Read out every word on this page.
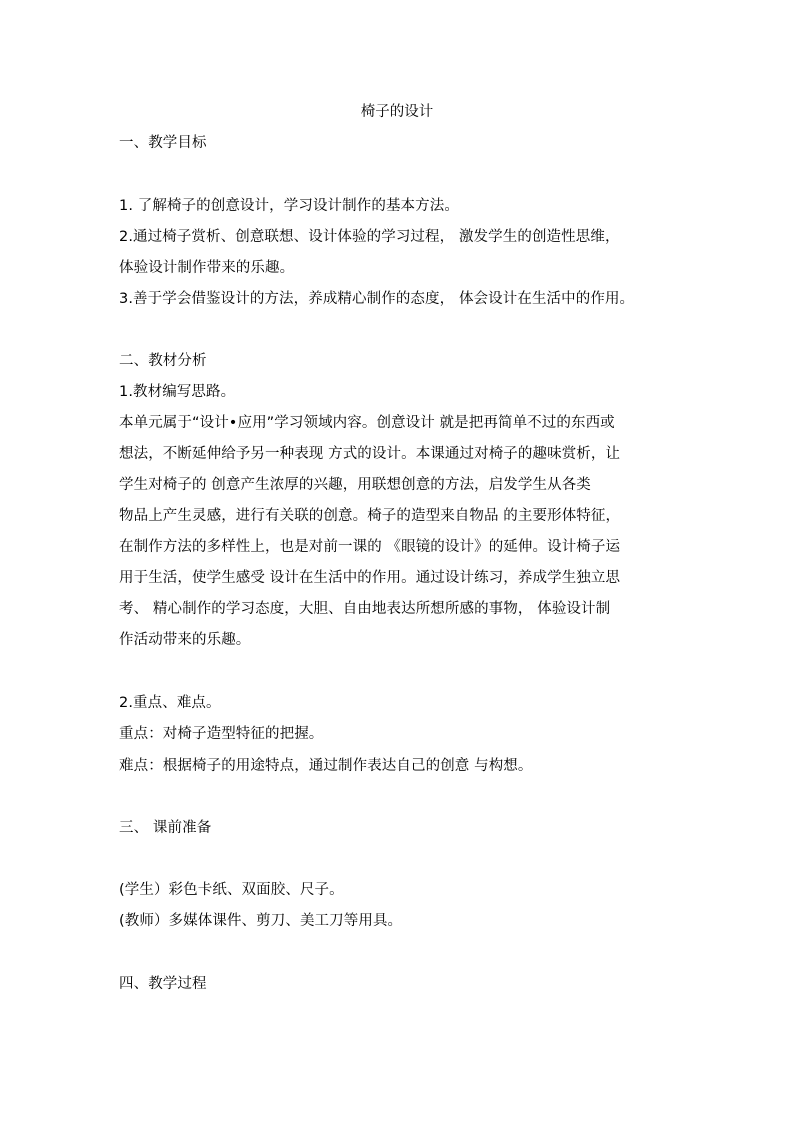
椅子的设计
一、教学目标
1. 了解椅子的创意设计，学习设计制作的基本方法。
2.通过椅子赏析、创意联想、设计体验的学习过程， 激发学生的创造性思维，
体验设计制作带来的乐趣。
3.善于学会借鉴设计的方法，养成精心制作的态度， 体会设计在生活中的作用。
二、教材分析
1.教材编写思路。
本单元属于“设计•应用”学习领域内容。创意设计 就是把再简单不过的东西或
想法，不断延伸给予另一种表现 方式的设计。本课通过对椅子的趣味赏析，让
学生对椅子的 创意产生浓厚的兴趣，用联想创意的方法，启发学生从各类
物品上产生灵感，进行有关联的创意。椅子的造型来自物品 的主要形体特征，
在制作方法的多样性上，也是对前一课的 《眼镜的设计》的延伸。设计椅子运
用于生活，使学生感受 设计在生活中的作用。通过设计练习，养成学生独立思
考、 精心制作的学习态度，大胆、自由地表达所想所感的事物， 体验设计制
作活动带来的乐趣。
2.重点、难点。
重点：对椅子造型特征的把握。
难点：根据椅子的用途特点，通过制作表达自己的创意 与构想。
三、 课前准备
(学生）彩色卡纸、双面胶、尺子。
(教师）多媒体课件、剪刀、美工刀等用具。
四、教学过程
